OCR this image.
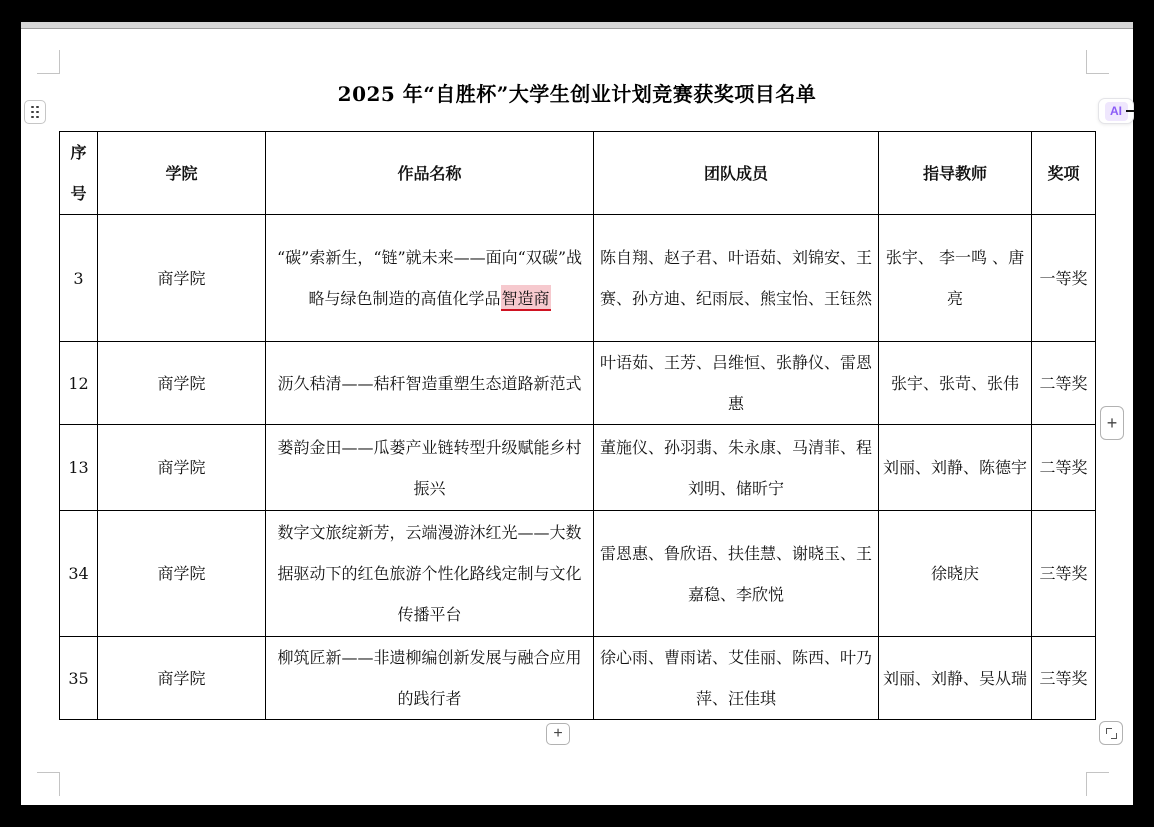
AI
2025 年“自胜杯”大学生创业计划竞赛获奖项目名单
序号	学院	作品名称	团队成员	指导教师	奖项
3	商学院	“碳”索新生，“链”就未来——面向“双碳”战略与绿色制造的高值化学品智造商	陈自翔、赵子君、叶语茹、刘锦安、王赛、孙方迪、纪雨辰、熊宝怡、王钰然	张宇、 李一鸣 、唐亮	一等奖
12	商学院	沥久秸清——秸秆智造重塑生态道路新范式	叶语茹、王芳、吕维恒、张静仪、雷恩惠	张宇、张苛、张伟	二等奖
13	商学院	蒌韵金田——瓜蒌产业链转型升级赋能乡村振兴	董施仪、孙羽翡、朱永康、马清菲、程刘明、储昕宁	刘丽、刘静、陈德宇	二等奖
34	商学院	数字文旅绽新芳，云端漫游沐红光——大数据驱动下的红色旅游个性化路线定制与文化传播平台	雷恩惠、鲁欣语、扶佳慧、谢晓玉、王嘉稳、李欣悦	徐晓庆	三等奖
35	商学院	柳筑匠新——非遗柳编创新发展与融合应用的践行者	徐心雨、曹雨诺、艾佳丽、陈西、叶乃萍、汪佳琪	刘丽、刘静、吴从瑞	三等奖
+
+
